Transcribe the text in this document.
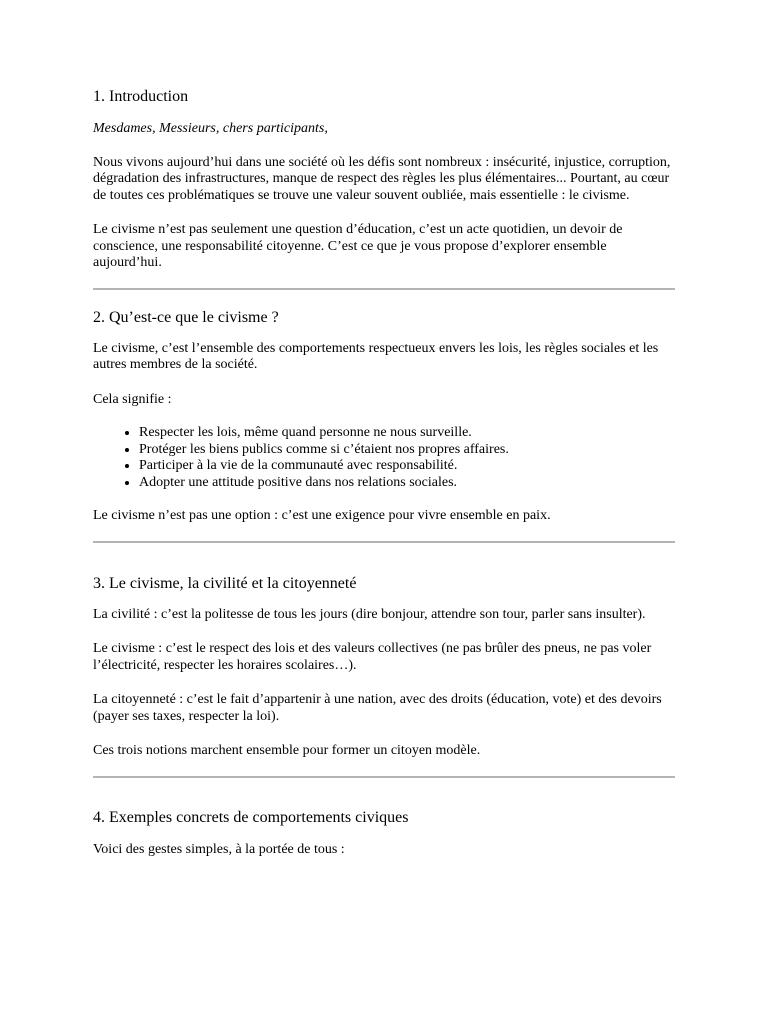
1. Introduction

Mesdames, Messieurs, chers participants,

Nous vivons aujourd’hui dans une société où les défis sont nombreux : insécurité, injustice, corruption, dégradation des infrastructures, manque de respect des règles les plus élémentaires... Pourtant, au cœur de toutes ces problématiques se trouve une valeur souvent oubliée, mais essentielle : le civisme.

Le civisme n’est pas seulement une question d’éducation, c’est un acte quotidien, un devoir de conscience, une responsabilité citoyenne. C’est ce que je vous propose d’explorer ensemble aujourd’hui.

2. Qu’est-ce que le civisme ?

Le civisme, c’est l’ensemble des comportements respectueux envers les lois, les règles sociales et les autres membres de la société.

Cela signifie :

• Respecter les lois, même quand personne ne nous surveille.
• Protéger les biens publics comme si c’étaient nos propres affaires.
• Participer à la vie de la communauté avec responsabilité.
• Adopter une attitude positive dans nos relations sociales.

Le civisme n’est pas une option : c’est une exigence pour vivre ensemble en paix.

3. Le civisme, la civilité et la citoyenneté

La civilité : c’est la politesse de tous les jours (dire bonjour, attendre son tour, parler sans insulter).

Le civisme : c’est le respect des lois et des valeurs collectives (ne pas brûler des pneus, ne pas voler l’électricité, respecter les horaires scolaires…).

La citoyenneté : c’est le fait d’appartenir à une nation, avec des droits (éducation, vote) et des devoirs (payer ses taxes, respecter la loi).

Ces trois notions marchent ensemble pour former un citoyen modèle.

4. Exemples concrets de comportements civiques

Voici des gestes simples, à la portée de tous :
